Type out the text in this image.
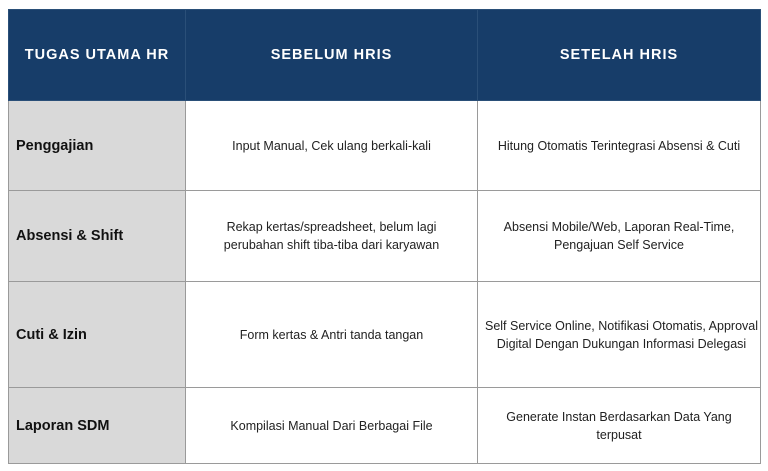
TUGAS UTAMA HR	SEBELUM HRIS	SETELAH HRIS
Penggajian	Input Manual, Cek ulang berkali-kali	Hitung Otomatis Terintegrasi Absensi & Cuti
Absensi & Shift	Rekap kertas/spreadsheet, belum lagi perubahan shift tiba-tiba dari karyawan	Absensi Mobile/Web, Laporan Real-Time, Pengajuan Self Service

Cuti & Izin	Form kertas & Antri tanda tangan	Self Service Online, Notifikasi Otomatis, Approval Digital Dengan Dukungan Informasi Delegasi

Laporan SDM	Kompilasi Manual Dari Berbagai File	Generate Instan Berdasarkan Data Yang terpusat
